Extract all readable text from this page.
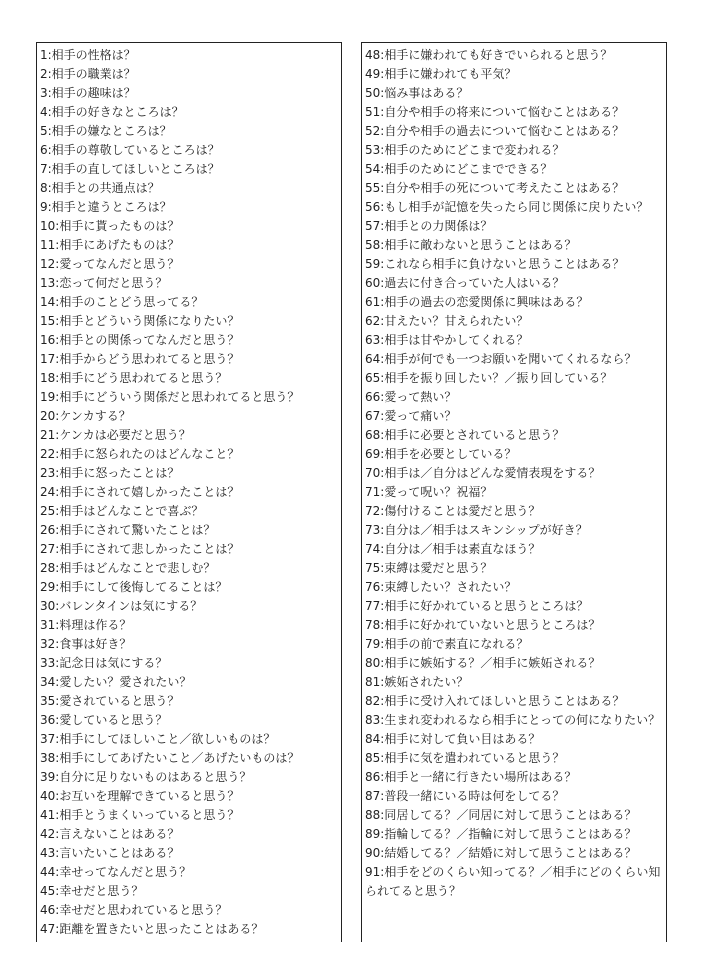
1:相手の性格は？
2:相手の職業は？
3:相手の趣味は？
4:相手の好きなところは？
5:相手の嫌なところは？
6:相手の尊敬しているところは？
7:相手の直してほしいところは？
8:相手との共通点は？
9:相手と違うところは？
10:相手に貰ったものは？
11:相手にあげたものは？
12:愛ってなんだと思う？
13:恋って何だと思う？
14:相手のことどう思ってる？
15:相手とどういう関係になりたい？
16:相手との関係ってなんだと思う？
17:相手からどう思われてると思う？
18:相手にどう思われてると思う？
19:相手にどういう関係だと思われてると思う？
20:ケンカする？
21:ケンカは必要だと思う？
22:相手に怒られたのはどんなこと？
23:相手に怒ったことは？
24:相手にされて嬉しかったことは？
25:相手はどんなことで喜ぶ？
26:相手にされて驚いたことは？
27:相手にされて悲しかったことは？
28:相手はどんなことで悲しむ？
29:相手にして後悔してることは？
30:バレンタインは気にする？
31:料理は作る？
32:食事は好き？
33:記念日は気にする？
34:愛したい？愛されたい？
35:愛されていると思う？
36:愛していると思う？
37:相手にしてほしいこと／欲しいものは？
38:相手にしてあげたいこと／あげたいものは？
39:自分に足りないものはあると思う？
40:お互いを理解できていると思う？
41:相手とうまくいっていると思う？
42:言えないことはある？
43:言いたいことはある？
44:幸せってなんだと思う？
45:幸せだと思う？
46:幸せだと思われていると思う？
47:距離を置きたいと思ったことはある？
48:相手に嫌われても好きでいられると思う？
49:相手に嫌われても平気？
50:悩み事はある？
51:自分や相手の将来について悩むことはある？
52:自分や相手の過去について悩むことはある？
53:相手のためにどこまで変われる？
54:相手のためにどこまでできる？
55:自分や相手の死について考えたことはある？
56:もし相手が記憶を失ったら同じ関係に戻りたい？
57:相手との力関係は？
58:相手に敵わないと思うことはある？
59:これなら相手に負けないと思うことはある？
60:過去に付き合っていた人はいる？
61:相手の過去の恋愛関係に興味はある？
62:甘えたい？甘えられたい？
63:相手は甘やかしてくれる？
64:相手が何でも一つお願いを聞いてくれるなら？
65:相手を振り回したい？／振り回している？
66:愛って熱い？
67:愛って痛い？
68:相手に必要とされていると思う？
69:相手を必要としている？
70:相手は／自分はどんな愛情表現をする？
71:愛って呪い？祝福？
72:傷付けることは愛だと思う？
73:自分は／相手はスキンシップが好き？
74:自分は／相手は素直なほう？
75:束縛は愛だと思う？
76:束縛したい？されたい？
77:相手に好かれていると思うところは？
78:相手に好かれていないと思うところは？
79:相手の前で素直になれる？
80:相手に嫉妬する？／相手に嫉妬される？
81:嫉妬されたい？
82:相手に受け入れてほしいと思うことはある？
83:生まれ変われるなら相手にとっての何になりたい？
84:相手に対して負い目はある？
85:相手に気を遣われていると思う？
86:相手と一緒に行きたい場所はある？
87:普段一緒にいる時は何をしてる？
88:同居してる？／同居に対して思うことはある？
89:指輪してる？／指輪に対して思うことはある？
90:結婚してる？／結婚に対して思うことはある？
91:相手をどのくらい知ってる？／相手にどのくらい知られてると思う？
